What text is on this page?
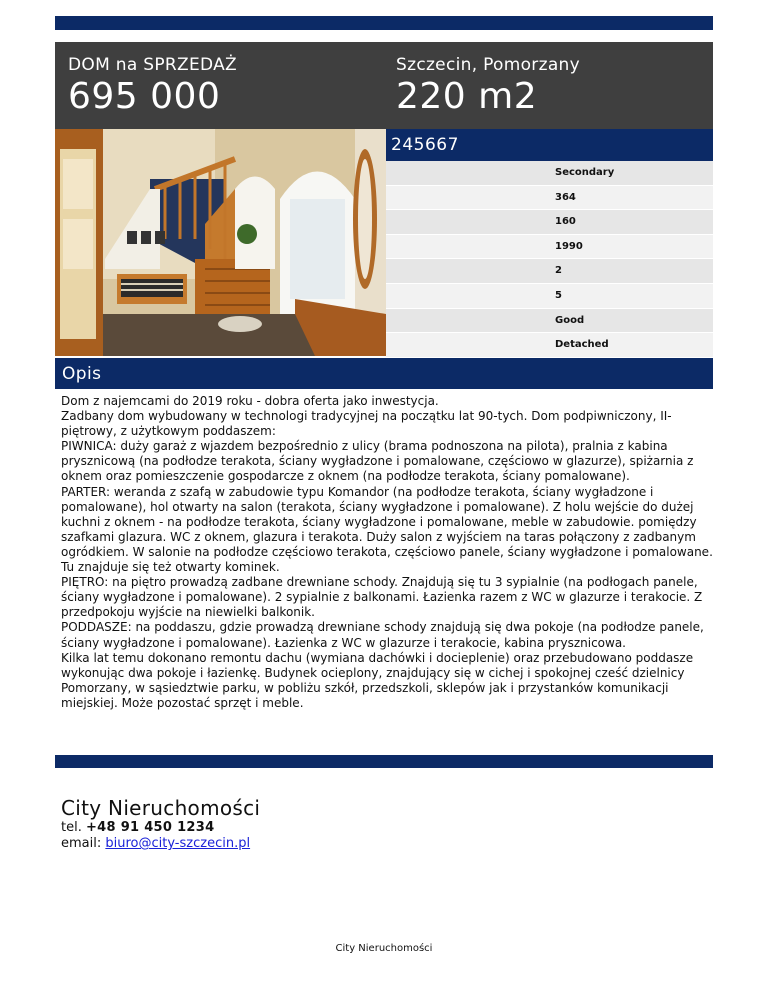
DOM na SPRZEDAŻ
695 000
Szczecin, Pomorzany
220 m2
245667
Secondary
364
160
1990
2
5
Good
Detached
Opis

Dom z najemcami do 2019 roku - dobra oferta jako inwestycja.

Zadbany dom wybudowany w technologi tradycyjnej na początku lat 90-tych. Dom podpiwniczony, II-piętrowy, z użytkowym poddaszem:

PIWNICA: duży garaż z wjazdem bezpośrednio z ulicy (brama podnoszona na pilota), pralnia z kabina prysznicową (na podłodze terakota, ściany wygładzone i pomalowane, częściowo w glazurze), spiżarnia z oknem oraz pomieszczenie gospodarcze z oknem (na podłodze terakota, ściany pomalowane).

PARTER: weranda z szafą w zabudowie typu Komandor (na podłodze terakota, ściany wygładzone i pomalowane), hol otwarty na salon (terakota, ściany wygładzone i pomalowane). Z holu wejście do dużej kuchni z oknem - na podłodze terakota, ściany wygładzone i pomalowane, meble w zabudowie. pomiędzy szafkami glazura. WC z oknem, glazura i terakota. Duży salon z wyjściem na taras połączony z zadbanym ogródkiem. W salonie na podłodze częściowo terakota, częściowo panele, ściany wygładzone i pomalowane. Tu znajduje się też otwarty kominek.

PIĘTRO: na piętro prowadzą zadbane drewniane schody. Znajdują się tu 3 sypialnie (na podłogach panele, ściany wygładzone i pomalowane). 2 sypialnie z balkonami. Łazienka razem z WC w glazurze i terakocie. Z przedpokoju wyjście na niewielki balkonik.

PODDASZE: na poddaszu, gdzie prowadzą drewniane schody znajdują się dwa pokoje (na podłodze panele, ściany wygładzone i pomalowane). Łazienka z WC w glazurze i terakocie, kabina prysznicowa.

Kilka lat temu dokonano remontu dachu (wymiana dachówki i docieplenie) oraz przebudowano poddasze wykonując dwa pokoje i łazienkę. Budynek ocieplony, znajdujący się w cichej i spokojnej cześć dzielnicy Pomorzany, w sąsiedztwie parku, w pobliżu szkół, przedszkoli, sklepów jak i przystanków komunikacji miejskiej. Może pozostać sprzęt i meble.

City Nieruchomości
tel. +48 91 450 1234
email: biuro@city-szczecin.pl
City Nieruchomości
